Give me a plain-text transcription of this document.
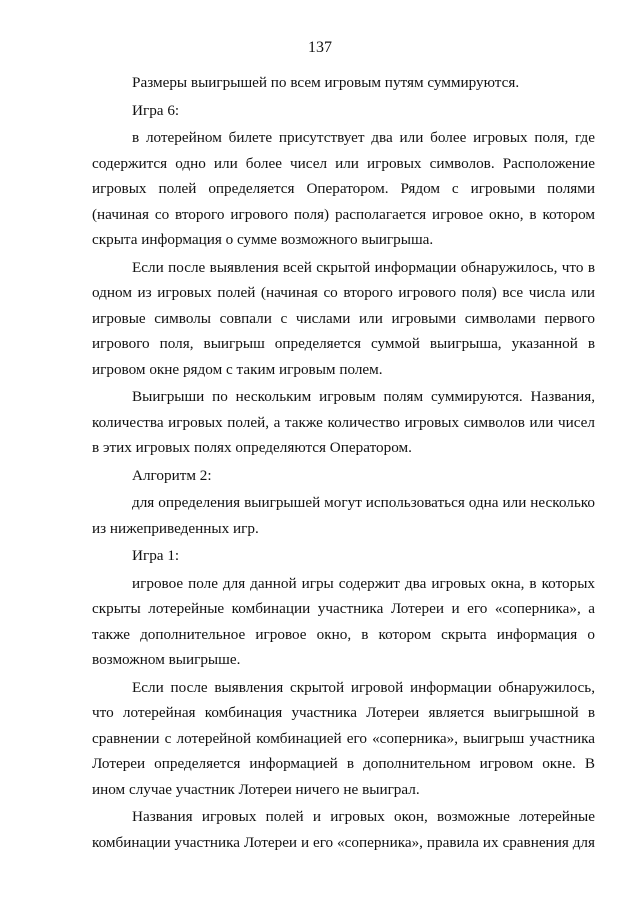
137

Размеры выигрышей по всем игровым путям суммируются.

Игра 6:

в лотерейном билете присутствует два или более игровых поля, где содержится одно или более чисел или игровых символов. Расположение игровых полей определяется Оператором. Рядом с игровыми полями (начиная со второго игрового поля) располагается игровое окно, в котором скрыта информация о сумме возможного выигрыша.

Если после выявления всей скрытой информации обнаружилось, что в одном из игровых полей (начиная со второго игрового поля) все числа или игровые символы совпали с числами или игровыми символами первого игрового поля, выигрыш определяется суммой выигрыша, указанной в игровом окне рядом с таким игровым полем.

Выигрыши по нескольким игровым полям суммируются. Названия, количества игровых полей, а также количество игровых символов или чисел в этих игровых полях определяются Оператором.

Алгоритм 2:

для определения выигрышей могут использоваться одна или несколько из нижеприведенных игр.

Игра 1:

игровое поле для данной игры содержит два игровых окна, в которых скрыты лотерейные комбинации участника Лотереи и его «соперника», а также дополнительное игровое окно, в котором скрыта информация о возможном выигрыше.

Если после выявления скрытой игровой информации обнаружилось, что лотерейная комбинация участника Лотереи является выигрышной в сравнении с лотерейной комбинацией его «соперника», выигрыш участника Лотереи определяется информацией в дополнительном игровом окне. В ином случае участник Лотереи ничего не выиграл.

Названия игровых полей и игровых окон, возможные лотерейные комбинации участника Лотереи и его «соперника», правила их сравнения для
